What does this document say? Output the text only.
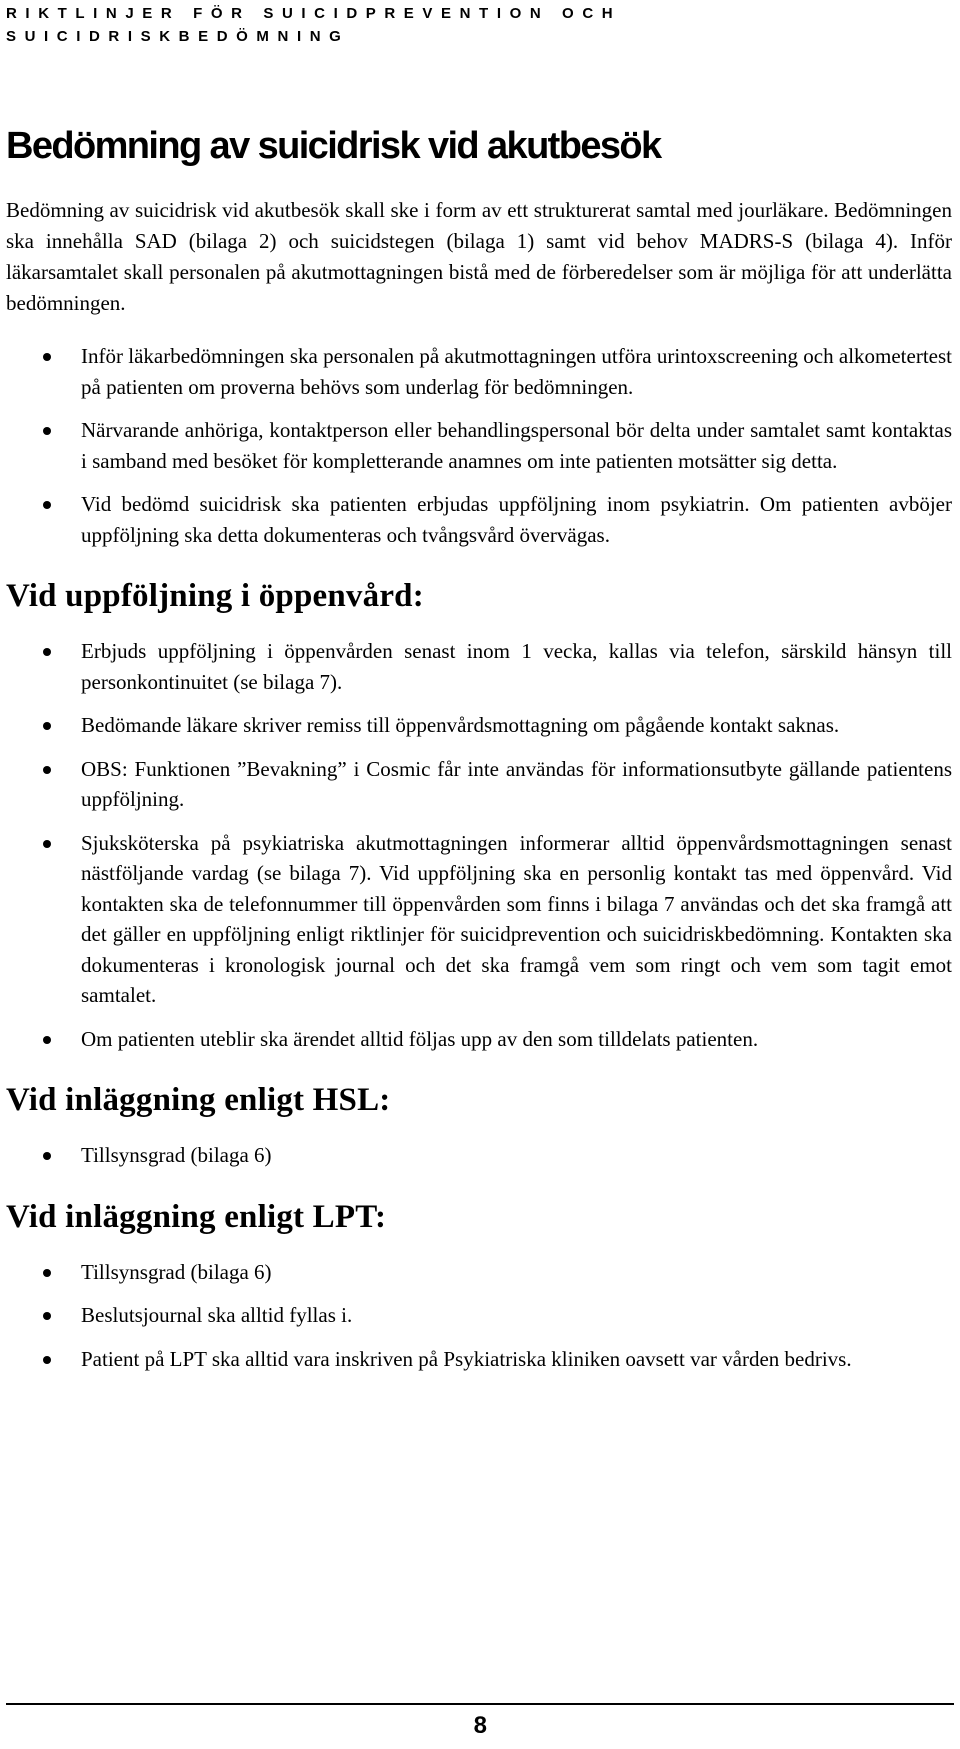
RIKTLINJER FÖR SUICIDPREVENTION OCH
SUICIDRISKBEDÖMNING
Bedömning av suicidrisk vid akutbesök

Bedömning av suicidrisk vid akutbesök skall ske i form av ett strukturerat samtal med jourläkare. Bedömningen ska innehålla SAD (bilaga 2) och suicidstegen (bilaga 1) samt vid behov MADRS-S (bilaga 4). Inför läkarsamtalet skall personalen på akutmottagningen bistå med de förberedelser som är möjliga för att underlätta bedömningen.

Inför läkarbedömningen ska personalen på akutmottagningen utföra urintoxscreening och alkometertest på patienten om proverna behövs som underlag för bedömningen.
Närvarande anhöriga, kontaktperson eller behandlingspersonal bör delta under samtalet samt kontaktas i samband med besöket för kompletterande anamnes om inte patienten motsätter sig detta.
Vid bedömd suicidrisk ska patienten erbjudas uppföljning inom psykiatrin. Om patienten avböjer uppföljning ska detta dokumenteras och tvångsvård övervägas.
Vid uppföljning i öppenvård:
Erbjuds uppföljning i öppenvården senast inom 1 vecka, kallas via telefon, särskild hänsyn till personkontinuitet (se bilaga 7).
Bedömande läkare skriver remiss till öppenvårdsmottagning om pågående kontakt saknas.
OBS: Funktionen ”Bevakning” i Cosmic får inte användas för informationsutbyte gällande patientens uppföljning.
Sjuksköterska på psykiatriska akutmottagningen informerar alltid öppenvårdsmottagningen senast nästföljande vardag (se bilaga 7). Vid uppföljning ska en personlig kontakt tas med öppenvård. Vid kontakten ska de telefonnummer till öppenvården som finns i bilaga 7 användas och det ska framgå att det gäller en uppföljning enligt riktlinjer för suicidprevention och suicidriskbedömning. Kontakten ska dokumenteras i kronologisk journal och det ska framgå vem som ringt och vem som tagit emot samtalet.
Om patienten uteblir ska ärendet alltid följas upp av den som tilldelats patienten.
Vid inläggning enligt HSL:
Tillsynsgrad (bilaga 6)
Vid inläggning enligt LPT:
Tillsynsgrad (bilaga 6)
Beslutsjournal ska alltid fyllas i.
Patient på LPT ska alltid vara inskriven på Psykiatriska kliniken oavsett var vården bedrivs.
8
